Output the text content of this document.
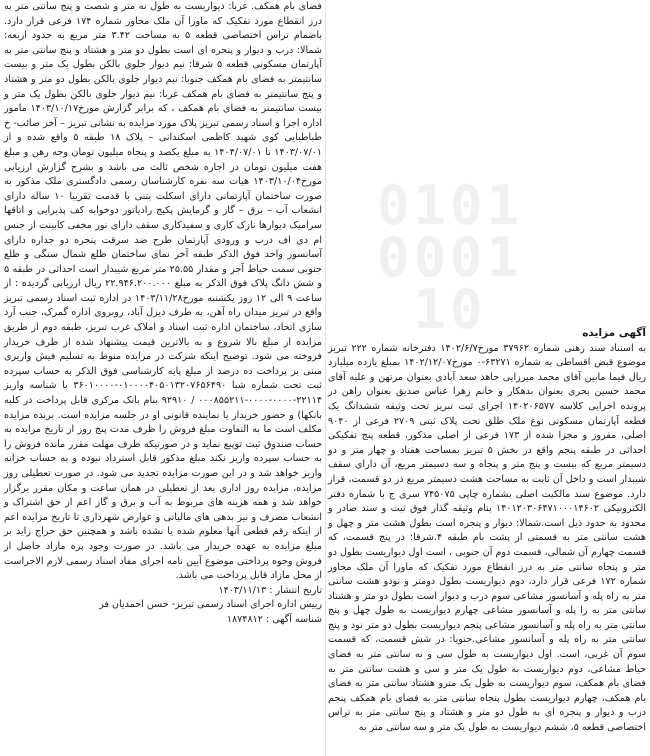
0101
0001
10	آگهی مزایده

به استناد سند رهنی شماره ۳۷۹۶۲ مورخ۱۴۰۲/۶/۷ دفترخانه شماره ۲۲۲ تبریز موضوع قبض اقساطی به شماره ۶۳۲۷۱-۰ مورخ۱۴۰۲/۱۲/۰۷ بمبلغ یازده میلیارد ریال فیما مابین آقای محمد میرزایی جاهد سعد آبادی بعنوان مرتهن و علیه آقای محمد حسین بحری بعنوان بدهکار و خانم زهرا عباس صدیق بعنوان راهن در پرونده اجرایی کلاسه ۱۴۰۲۰۶۵۷۷ اجرای ثبت تبریز تحت وثیقه ششدانگ یک قطعه آپارتمان مسکونی نوع ملک طلق تحت پلاک ثبتی ۲۷۰۹ فرعی از ۹۰۴۰ اصلی، مفروز و مجزا شده از ۱۷۳ فرعی از اصلی مذکور، قطعه پنج تفکیکی احداثی در طبقه پنجم واقع در بخش ۵ تبریز بمساحت هفتاد و چهار متر و دو دسیمتر مربع که بیست و پنج متر و پنجاه و سه دسیمتر مربع، آن دارای سقف شیبدار است و داخل آن ثابت به مساحت هشت دسیمتر مربع در دو قسمت، قرار دارد. موضوع سند مالکیت اصلی بشماره چاپی ۷۴۵۰۷۵ سری ج با شماره دفتر الکترونیکی ۱۴۰۱۲۰۳۰۶۴۷۱۰۰۰۱۴۶۰۲ بنام وثیقه گذار فوق ثبت و سند صادر و محدود به حدود ذیل است.شمالا: دیوار و پنجره است بطول هشت متر و چهل و هشت سانتی متر به قسمتی از پشت بام طبقه ۴.شرقا: در پنج قسمت، که قسمت چهارم آن شمالی، قسمت دوم آن جنوبی ، است اول دیواریست بطول دو متر و پنجاه سانتی متر به درز انقطاع مورد تفکیک که ماورا آن ملک مجاور شماره ۱۷۲ فرعی قرار دارد، دوم دیواریست بطول دومتر و نودو هشت سانتی متر به راه پله و آسانسور مشاعی سوم درب و دیوار است بطول دو متر و هشتاد سانتی متر به را پله و آسانسور مشاعی چهارم دیواریست به طول چهل و پنج سانتی متر به راه پله و آسانسور مشاعی پنجم دیواریست بطول دو متر نود و پنج سانتی متر به راه پله و آسانسور مشاعی.جنوبا: در شش قسمت، که قسمت سوم آن غربی، است. اول دیواریست به طول سی و نه سانتی متر به فضای حیاط مشاعی، دوم دیواریست به طول یک متر و سی و هشت سانتی متر به فضای بام همکف، سوم دیواریست به طول یک مترو هشتاد سانتی متر به فضای بام همکف، چهارم دیواریست بطول پنجاه سانتی متر به فضای بام همکف پنجم درب و دیوار و پنجره ای به طول دو متر و هشتاد و پنج سانتی متر به تراس اختصاصی قطعه ۵، ششم دیواریست به طول یک متر و سه سانتی متر به

فضای بام همکف. غربا: دیواریست به طول نه متر و شصت و پنج سانتی متر به درز انقطاع مورد تفکیک که ماورا آن ملک مجاور شماره ۱۷۴ فرعی قرار دارد. باضمام تراس اختصاصی قطعه ۵ به مساحت ۳.۴۲ متر مربع به حدود اربعه: شمالا: درب و دیوار و پنجره ای است بطول دو متر و هشتاد و پنج سانتی متر به آپارتمان مسکونی قطعه ۵ شرقا: نیم دیوار جلوی بالکن بطول یک متر و بیست سانتیمتر به فضای بام همکف جنوبا: نیم دیوار جلوی بالکن بطول دو متر و هشتاد و پنج سانتیمتر به فضای بام همکف غربا: نیم دیوار جلوی بالکن بطول یک متر و بیست سانتیمتر به فضای بام همکف ، که برابر گزارش مورخ۱۴۰۳/۱۰/۱۷ مامور اداره اجرا و اسناد رسمی تبریز پلاک مورد مزایده به نشانی تبریز – آخر صائب- خ طباطبایی کوی شهید کاظمی اسکندانی – پلاک ۱۸ طبقه ۵ واقع شده و از ۱۴۰۳/۰۷/۰۱ تا ۱۴۰۴/۰۷/۰۱ به مبلغ یکصد و پنجاه میلیون تومان وجه رهن و مبلغ هفت میلیون تومان در اجاره شخص ثالث می باشد و بشرح گزارش ارزیابی مورخ۱۴۰۳/۱۰/۰۴ هیات سه نفره کارشناسان رسمی دادگستری ملک مذکور به صورت ساختمان آپارتمانی دارای اسکلت بتنی با قدمت تقریبا ۱۰ ساله دارای انشعاب آب – برق – گاز و گرمایش پکیج رادیاتور دوخوابه کف پذیرایی و اتاقها سرامیک دیوارها نازک کاری و سفیدکاری سقف دارای نور مخفی کابینت از جنس ام دی اف درب و ورودی آپارتمان طرح ضد سرقت پنجره دو جداره دارای آسانسور واحد فوق الذکر طبقه آخر نمای ساختمان ظلع شمال سنگی و ظلع جنوبی سمت حیاط آجر و مقدار ۲۵.۵۵ متر مربع شیبدار است احداثی در طبقه ۵ و شش دانگ پلاک فوق الذکر به مبلغ ۲۲.۹۴۶.۲۰۰.۰۰۰ ریال ارزیابی گردیده : از ساعت ۹ الی ۱۲ روز یکشنبه مورخ۱۴۰۳/۱۱/۲۸ در اداره ثبت اسناد رسمی تبریز واقع در تبریز میدان راه آهن، به طرف دیزل آباد، روبروی اداره گمرک، جنب آرد سازی اتحاد، ساختمان اداره ثبت اسناد و املاک غرب تبریز، طبقه دوم از طریق مزایده از مبلغ بالا شروع و به بالاترین قیمت پیشنهاد شده از طرف خریدار فروخته می شود. توضیح اینکه شرکت در مزایده منوط به تسلیم فیش واریزی مبنی بر پرداخت ده درصد از مبلغ پایه کارشناسی فوق الذکر به حساب سپرده ثبت تحت شماره شبا ۰۱۰۰۰۰۴۰۵۰۱۳۲۰۷۶۵۶۴۹۰-۳۶۰۱۰۰۰۰ با شناسه واریز ۲۲۱۱۴-۰۰۰۰-۰۰۰۰-۰۰۰۸۵۵۲۱۱ / ۹۲۹۱۰ بنام بانک مرکزی قابل پرداخت در کلیه بانکها) و حضور خریدار یا نماینده قانونی او در جلسه مزایده است. برنده مزایده مکلف است ما به التفاوت مبلغ فروش را ظرف مدت پنج روز از تاریخ مزایده به حساب صندوق ثبت توپیع نماید و در صورتیکه ظرف مهلت مقرر مانده فروش را به حساب سپرده واریز نکند مبلغ مذکور قابل استرداد نبوده و به حساب خزانه واریز خواهد شد و در این صورت مزایده تجدید می شود. در صورت تعطیلی روز مزایده، مزایده روز اداری بعد از تعطیلی در همان ساعت و مکان مقرر برگزار خواهد شد و همه هزینه های مربوط به آب و برق و گاز اعم از حق اشتراک و انشعاب مصرف و نیز بدهی های مالیاتی و عوارض شهرداری تا تاریخ مزایده اعم از اینکه رقم قطعی آنها معلوم شده یا نشده باشد و همچنین حق حراج زاید بر مبلغ مزایده به عهده خریدار می باشد. در صورت وجود پره مازاد حاصل از فروش وجوه پرداختی موضوع آیین نامه اجرای مفاد اسناد رسمی لازم الاجراست از محل مازاد قابل پرداخت می باشد.

تاریخ انتشار : ۱۴۰۳/۱۱/۱۳
رییس اداره اجرای اسناد رسمی تبریز- حسن احمدیان فر
شناسه آگهی : ۱۸۷۴۸۱۲
